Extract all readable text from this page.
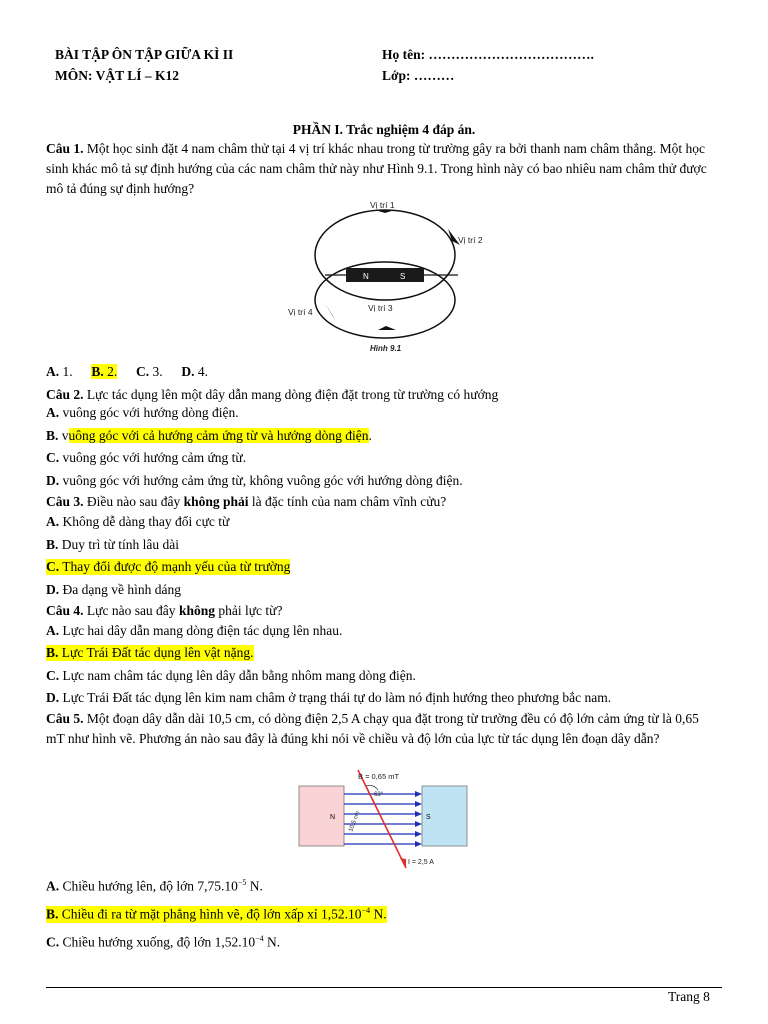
BÀI TẬP ÔN TẬP GIỮA KÌ II
MÔN: VẬT LÍ – K12
Họ tên: ……………………………….
Lớp: ………
PHẦN I. Trắc nghiệm 4 đáp án.
Câu 1. Một học sinh đặt 4 nam châm thử tại 4 vị trí khác nhau trong từ trường gây ra bởi thanh nam châm thẳng. Một học sinh khác mô tả sự định hướng của các nam châm thử này như Hình 9.1. Trong hình này có bao nhiêu nam châm thử được mô tả đúng sự định hướng?
N	S
Vị trí 1
Vị trí 2
Vị trí 3
Vị trí 4
Hình 9.1
A. 1. B. 2. C. 3. D. 4.
Câu 2. Lực tác dụng lên một dây dẫn mang dòng điện đặt trong từ trường có hướng
A. vuông góc với hướng dòng điện.
B. vuông góc với cả hướng cảm ứng từ và hướng dòng điện.
C. vuông góc với hướng cảm ứng từ.
D. vuông góc với hướng cảm ứng từ, không vuông góc với hướng dòng điện.
Câu 3. Điều nào sau đây không phải là đặc tính của nam châm vĩnh cửu?
A. Không dễ dàng thay đổi cực từ
B. Duy trì từ tính lâu dài
C. Thay đổi được độ mạnh yếu của từ trường
D. Đa dạng về hình dáng
Câu 4. Lực nào sau đây không phải lực từ?
A. Lực hai dây dẫn mang dòng điện tác dụng lên nhau.
B. Lực Trái Đất tác dụng lên vật nặng.
C. Lực nam châm tác dụng lên dây dẫn bằng nhôm mang dòng điện.
D. Lực Trái Đất tác dụng lên kim nam châm ở trạng thái tự do làm nó định hướng theo phương bắc nam.
Câu 5. Một đoạn dây dẫn dài 10,5 cm, có dòng điện 2,5 A chạy qua đặt trong từ trường đều có độ lớn cảm ứng từ là 0,65 mT như hình vẽ. Phương án nào sau đây là đúng khi nói về chiều và độ lớn của lực từ tác dụng lên đoạn dây dẫn?
N	S
B = 0,65 mT
63°
10,5 cm
I = 2,5 A
A. Chiều hướng lên, độ lớn $7,75.10^{-5}$ N.
B. Chiều đi ra từ mặt phẳng hình vẽ, độ lớn xấp xỉ $1,52.10^{-4}$ N.
C. Chiều hướng xuống, độ lớn $1,52.10^{-4}$ N.
Trang 8
